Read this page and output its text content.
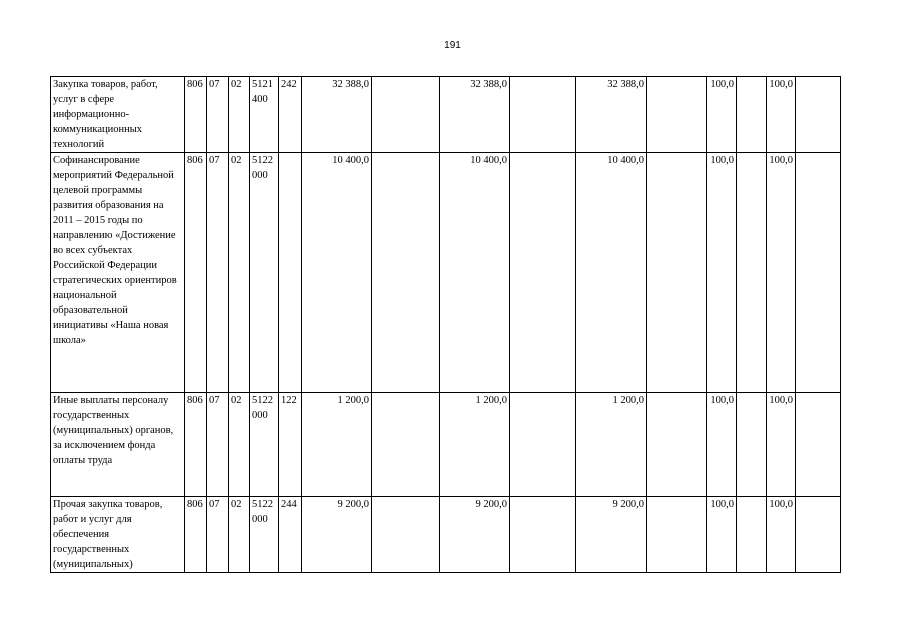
191
Закупка товаров, работ, услуг в сфере информационно-коммуникационных технологий	806	07	02	5121 400	242	32 388,0		32 388,0		32 388,0		100,0		100,0	
Софинансирование мероприятий Федеральной целевой программы развития образования на 2011 – 2015 годы по направлению «Достижение во всех субъектах Российской Федерации стратегических ориентиров национальной образовательной инициативы «Наша новая школа»	806	07	02	5122 000		10 400,0		10 400,0		10 400,0		100,0		100,0	
Иные выплаты персоналу государственных (муниципальных) органов, за исключением фонда оплаты труда	806	07	02	5122 000	122	1 200,0		1 200,0		1 200,0		100,0		100,0	
Прочая закупка товаров, работ и услуг для обеспечения государственных (муниципальных)	806	07	02	5122 000	244	9 200,0		9 200,0		9 200,0		100,0		100,0	
